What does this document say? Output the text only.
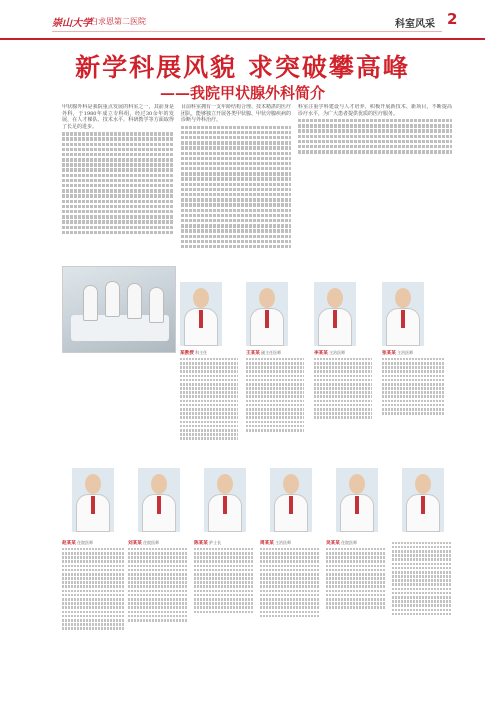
崇山大学
白求恩第二医院	科室风采 2
新学科展风貌 求突破攀高峰
——我院甲状腺外科简介

甲状腺外科是我院重点发展的科室之一，其前身是外科，于1980年成立专科组，经过30余年的发展，在人才梯队、技术水平、科研教学等方面取得了长足的进步。

目前科室拥有一支年龄结构合理、技术精湛的医疗团队，能够独立开展各类甲状腺、甲状旁腺疾病的诊断与外科治疗。

科室注重学科建设与人才培养，积极开展新技术、新项目，不断提高诊疗水平，为广大患者提供优质的医疗服务。

某教授 科主任	王某某 副主任医师	李某某 主治医师	张某某 主治医师
赵某某 住院医师	刘某某 住院医师	陈某某 护士长	周某某 主治医师	吴某某 住院医师
